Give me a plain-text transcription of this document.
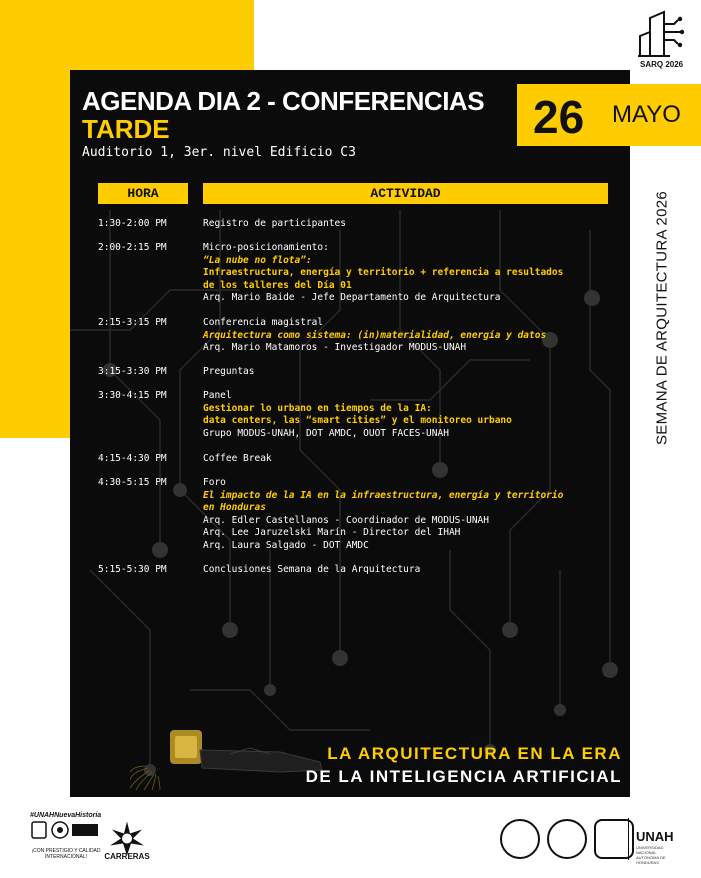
AGENDA DIA 2 - CONFERENCIAS
TARDE
Auditorio 1, 3er. nivel Edificio C3
HORA	ACTIVIDAD
1:30-2:00 PM	Registro de participantes
2:00-2:15 PM	Micro-posicionamiento:
“La nube no flota”:
Infraestructura, energía y territorio + referencia a resultados
de los talleres del Día 01
Arq. Mario Baide - Jefe Departamento de Arquitectura
2:15-3:15 PM	Conferencia magistral
Arquitectura como sistema: (in)materialidad, energía y datos
Arq. Mario Matamoros - Investigador MODUS-UNAH
3:15-3:30 PM	Preguntas
3:30-4:15 PM	Panel
Gestionar lo urbano en tiempos de la IA:
data centers, las “smart cities” y el monitoreo urbano
Grupo MODUS-UNAH, DOT AMDC, OUOT FACES-UNAH
4:15-4:30 PM	Coffee Break
4:30-5:15 PM	Foro
El impacto de la IA en la infraestructura, energía y territorio
en Honduras
Arq. Edler Castellanos - Coordinador de MODUS-UNAH
Arq. Lee Jaruzelski Marín - Director del IHAH
Arq. Laura Salgado - DOT AMDC
5:15-5:30 PM	Conclusiones Semana de la Arquitectura
LA ARQUITECTURA EN LA ERA
DE LA INTELIGENCIA ARTIFICIAL
26 MAYO
SARQ 2026
SEMANA DE ARQUITECTURA 2026
#UNAHNuevaHistoria
¡CON PRESTIGIO Y CALIDAD INTERNACIONAL!	CARRERAS
UNAH
UNIVERSIDAD NACIONAL AUTÓNOMA DE HONDURAS
